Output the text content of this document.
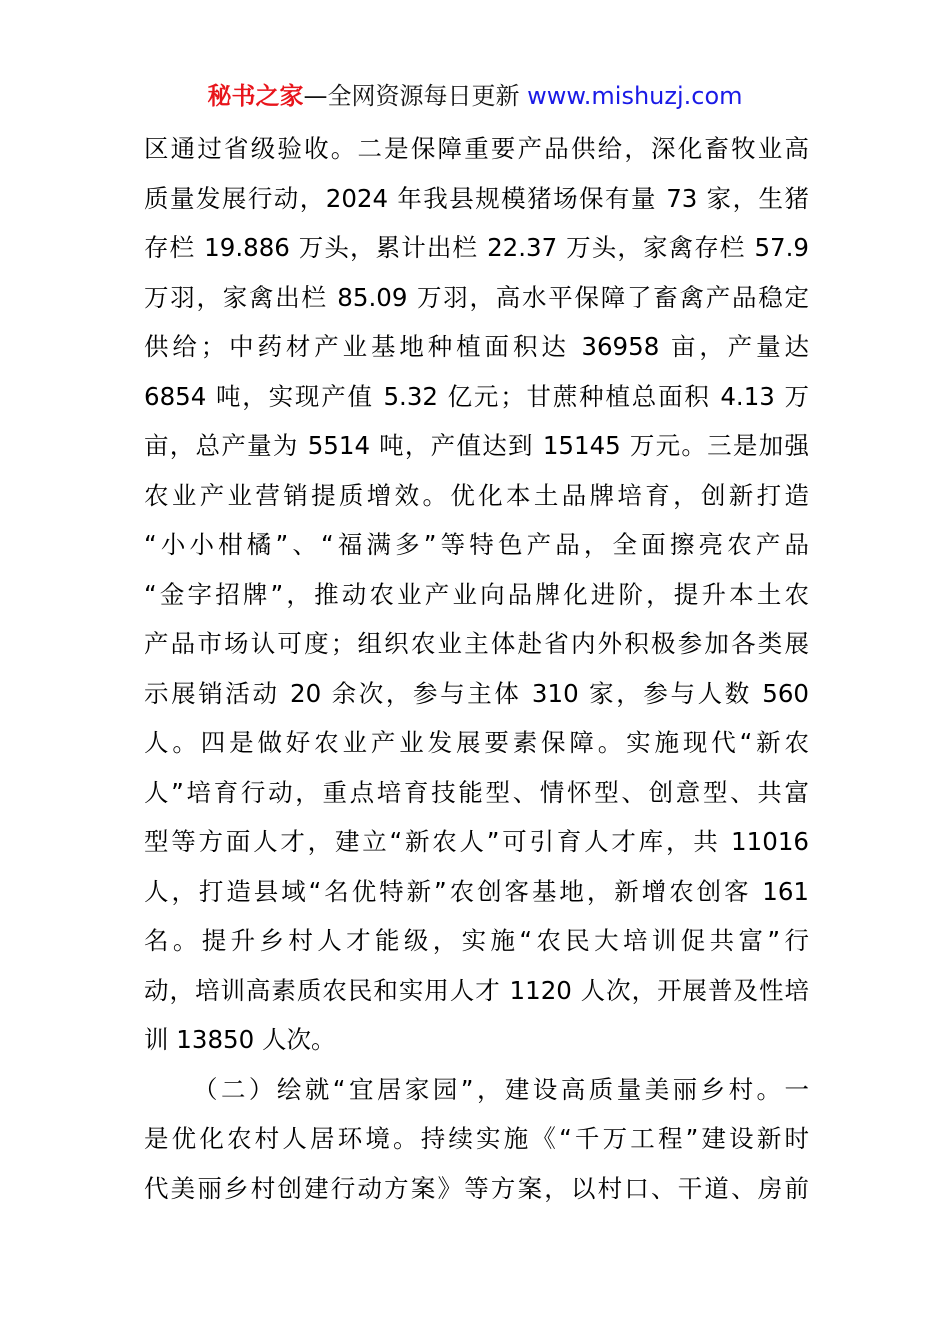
秘书之家—全网资源每日更新 www.mishuzj.com
区通过省级验收。二是保障重要产品供给，深化畜牧业高
质量发展行动，2024 年我县规模猪场保有量 73 家，生猪
存栏 19.886 万头，累计出栏 22.37 万头，家禽存栏 57.9
万羽，家禽出栏 85.09 万羽，高水平保障了畜禽产品稳定
供给；中药材产业基地种植面积达 36958 亩，产量达
6854 吨，实现产值 5.32 亿元；甘蔗种植总面积 4.13 万
亩，总产量为 5514 吨，产值达到 15145 万元。三是加强
农业产业营销提质增效。优化本土品牌培育，创新打造
“小小柑橘”、“福满多”等特色产品，全面擦亮农产品
“金字招牌”，推动农业产业向品牌化进阶，提升本土农
产品市场认可度；组织农业主体赴省内外积极参加各类展
示展销活动 20 余次，参与主体 310 家，参与人数 560
人。四是做好农业产业发展要素保障。实施现代“新农
人”培育行动，重点培育技能型、情怀型、创意型、共富
型等方面人才，建立“新农人”可引育人才库，共 11016
人，打造县域“名优特新”农创客基地，新增农创客 161
名。提升乡村人才能级，实施“农民大培训促共富”行
动，培训高素质农民和实用人才 1120 人次，开展普及性培
训 13850 人次。
（二）绘就“宜居家园”，建设高质量美丽乡村。一
是优化农村人居环境。持续实施《“千万工程”建设新时
代美丽乡村创建行动方案》等方案，以村口、干道、房前
